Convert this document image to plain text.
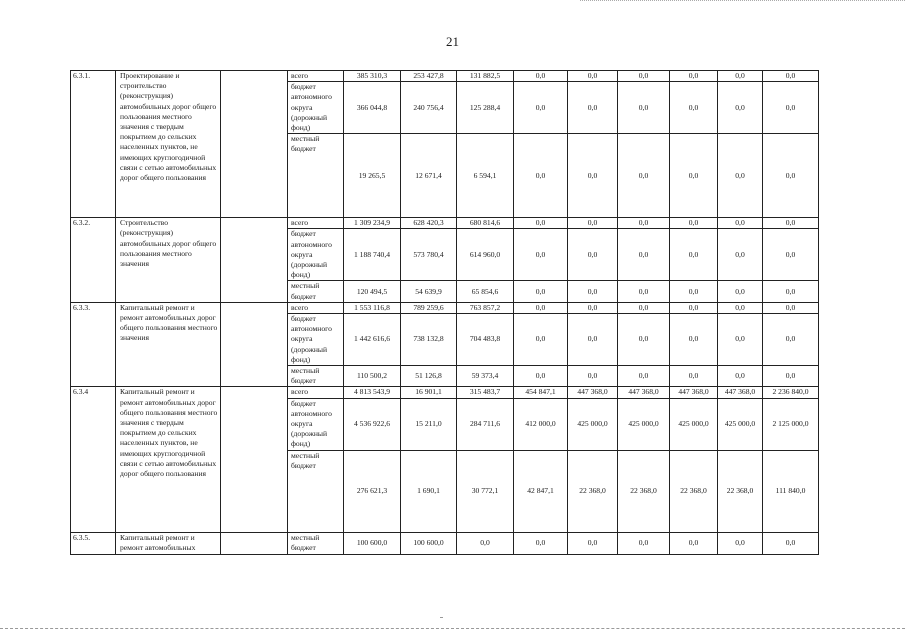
21
6.3.1.	Проектирование и строительство (реконструкция) автомобильных дорог общего пользования местного значения с твердым покрытием до сельских населенных пунктов, не имеющих круглогодичной связи с сетью автомобильных дорог общего пользования		всего	385 310,3	253 427,8	131 882,5	0,0	0,0	0,0	0,0	0,0	0,0
			бюджет автономного округа (дорожный фонд)	366 044,8	240 756,4	125 288,4	0,0	0,0	0,0	0,0	0,0	0,0
			местный бюджет	19 265,5	12 671,4	6 594,1	0,0	0,0	0,0	0,0	0,0	0,0
6.3.2.	Строительство (реконструкция) автомобильных дорог общего пользования местного значения		всего	1 309 234,9	628 420,3	680 814,6	0,0	0,0	0,0	0,0	0,0	0,0
			бюджет автономного округа (дорожный фонд)	1 188 740,4	573 780,4	614 960,0	0,0	0,0	0,0	0,0	0,0	0,0
			местный бюджет	120 494,5	54 639,9	65 854,6	0,0	0,0	0,0	0,0	0,0	0,0
6.3.3.	Капитальный ремонт и ремонт автомобильных дорог общего пользования местного значения		всего	1 553 116,8	789 259,6	763 857,2	0,0	0,0	0,0	0,0	0,0	0,0
			бюджет автономного округа (дорожный фонд)	1 442 616,6	738 132,8	704 483,8	0,0	0,0	0,0	0,0	0,0	0,0
			местный бюджет	110 500,2	51 126,8	59 373,4	0,0	0,0	0,0	0,0	0,0	0,0
6.3.4	Капитальный ремонт и ремонт автомобильных дорог общего пользования местного значения с твердым покрытием до сельских населенных пунктов, не имеющих круглогодичной связи с сетью автомобильных дорог общего пользования		всего	4 813 543,9	16 901,1	315 483,7	454 847,1	447 368,0	447 368,0	447 368,0	447 368,0	2 236 840,0
			бюджет автономного округа (дорожный фонд)	4 536 922,6	15 211,0	284 711,6	412 000,0	425 000,0	425 000,0	425 000,0	425 000,0	2 125 000,0
			местный бюджет	276 621,3	1 690,1	30 772,1	42 847,1	22 368,0	22 368,0	22 368,0	22 368,0	111 840,0
6.3.5.	Капитальный ремонт и ремонт автомобильных		местный бюджет	100 600,0	100 600,0	0,0	0,0	0,0	0,0	0,0	0,0	0,0
